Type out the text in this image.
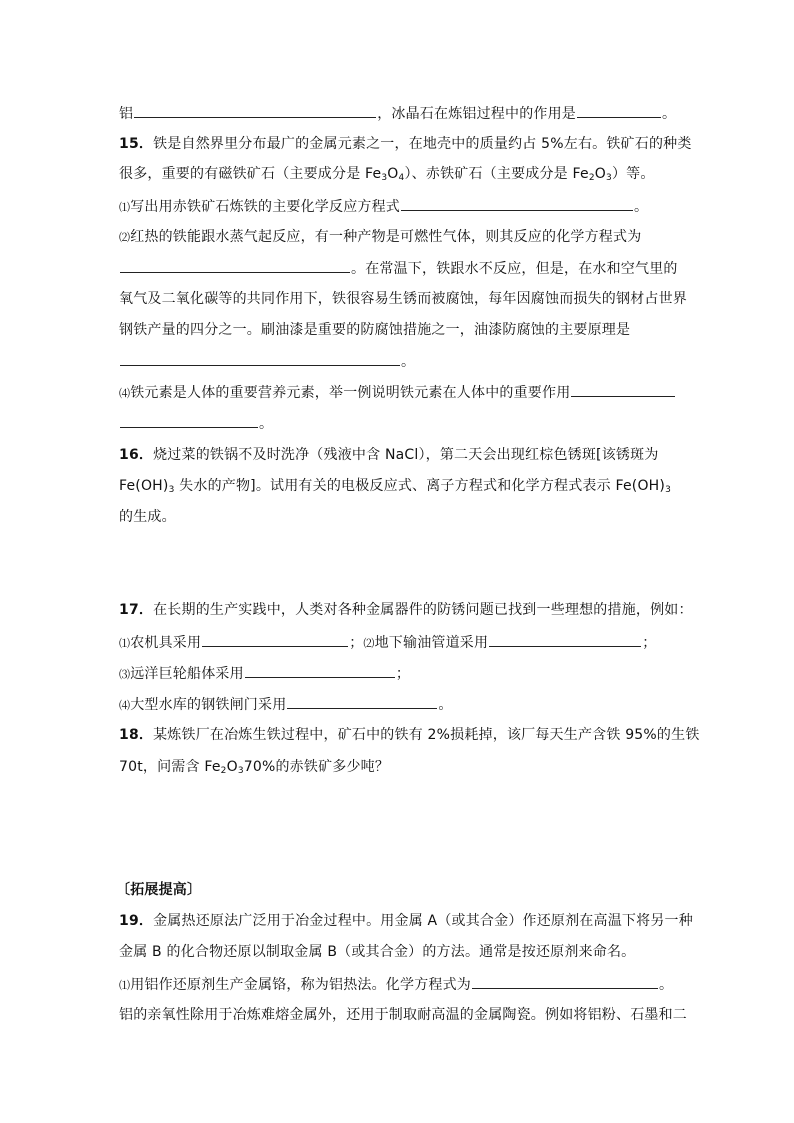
铝	，冰晶石在炼铝过程中的作用是	。
15．铁是自然界里分布最广的金属元素之一，在地壳中的质量约占 5%左右。铁矿石的种类
很多，重要的有磁铁矿石（主要成分是 $Fe_3O_4$）、赤铁矿石（主要成分是 $Fe_2O_3$）等。
⑴写出用赤铁矿石炼铁的主要化学反应方程式	。
⑵红热的铁能跟水蒸气起反应，有一种产物是可燃性气体，则其反应的化学方程式为
。在常温下，铁跟水不反应，但是，在水和空气里的
氧气及二氧化碳等的共同作用下，铁很容易生锈而被腐蚀，每年因腐蚀而损失的钢材占世界
钢铁产量的四分之一。刷油漆是重要的防腐蚀措施之一，油漆防腐蚀的主要原理是
。
⑷铁元素是人体的重要营养元素，举一例说明铁元素在人体中的重要作用
。
16．烧过菜的铁锅不及时洗净（残液中含 NaCl），第二天会出现红棕色锈斑[该锈斑为
$Fe(OH)_3$ 失水的产物]。试用有关的电极反应式、离子方程式和化学方程式表示 $Fe(OH)_3$
的生成。
17．在长期的生产实践中，人类对各种金属器件的防锈问题已找到一些理想的措施，例如：
⑴农机具采用	；⑵地下输油管道采用	；
⑶远洋巨轮船体采用	；
⑷大型水库的钢铁闸门采用	。
18．某炼铁厂在冶炼生铁过程中，矿石中的铁有 2%损耗掉，该厂每天生产含铁 95%的生铁
70t，问需含 $Fe_2O_370\%$的赤铁矿多少吨？
〔拓展提高〕
19．金属热还原法广泛用于冶金过程中。用金属 A（或其合金）作还原剂在高温下将另一种
金属 B 的化合物还原以制取金属 B（或其合金）的方法。通常是按还原剂来命名。
⑴用铝作还原剂生产金属铬，称为铝热法。化学方程式为	。
铝的亲氧性除用于冶炼难熔金属外，还用于制取耐高温的金属陶瓷。例如将铝粉、石墨和二
